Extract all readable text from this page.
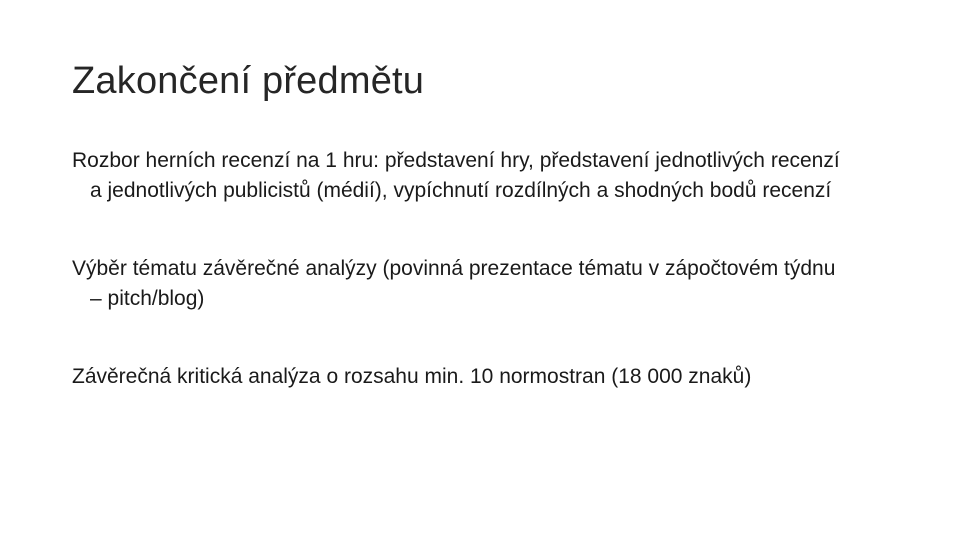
Zakončení předmětu
Rozbor herních recenzí na 1 hru: představení hry, představení jednotlivých recenzí a jednotlivých publicistů (médií), vypíchnutí rozdílných a shodných bodů recenzí
Výběr tématu závěrečné analýzy (povinná prezentace tématu v zápočtovém týdnu – pitch/blog)
Závěrečná kritická analýza o rozsahu min. 10 normostran (18 000 znaků)
